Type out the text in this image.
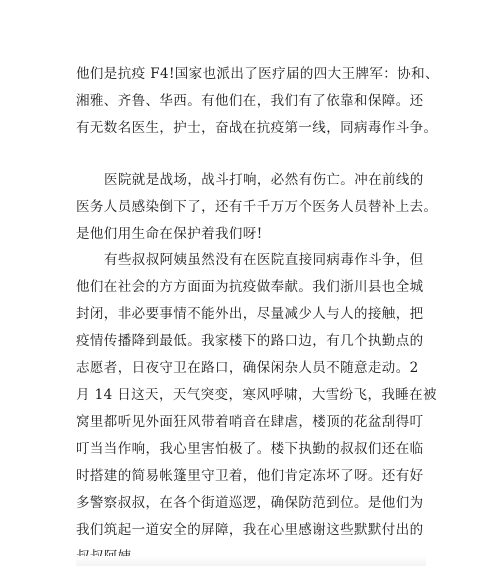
他们是抗疫 F4!国家也派出了医疗届的四大王牌军：协和、
湘雅、齐鲁、华西。有他们在，我们有了依靠和保障。还
有无数名医生，护士，奋战在抗疫第一线，同病毒作斗争。

医院就是战场，战斗打响，必然有伤亡。冲在前线的
医务人员感染倒下了，还有千千万万个医务人员替补上去。
是他们用生命在保护着我们呀!

有些叔叔阿姨虽然没有在医院直接同病毒作斗争，但
他们在社会的方方面面为抗疫做奉献。我们浙川县也全城
封闭，非必要事情不能外出，尽量减少人与人的接触，把
疫情传播降到最低。我家楼下的路口边，有几个执勤点的
志愿者，日夜守卫在路口，确保闲杂人员不随意走动。2
月 14 日这天，天气突变，寒风呼啸，大雪纷飞，我睡在被
窝里都听见外面狂风带着哨音在肆虐，楼顶的花盆刮得叮
叮当当作响，我心里害怕极了。楼下执勤的叔叔们还在临
时搭建的简易帐篷里守卫着，他们肯定冻坏了呀。还有好
多警察叔叔，在各个街道巡逻，确保防范到位。是他们为
我们筑起一道安全的屏障，我在心里感谢这些默默付出的
